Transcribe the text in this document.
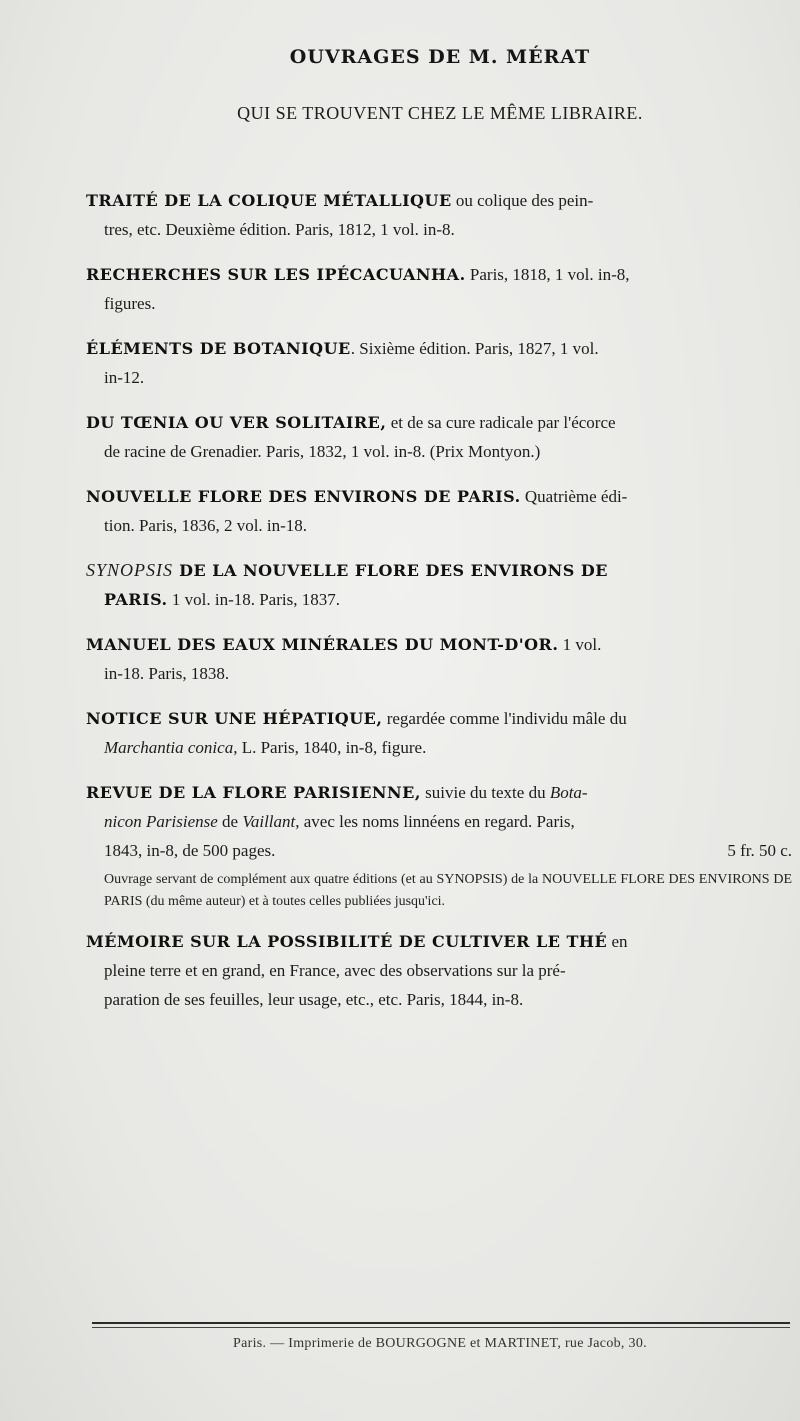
OUVRAGES DE M. MÉRAT
QUI SE TROUVENT CHEZ LE MÊME LIBRAIRE.

TRAITÉ DE LA COLIQUE MÉTALLIQUE ou colique des pein-
tres, etc. Deuxième édition. Paris, 1812, 1 vol. in-8.

RECHERCHES SUR LES IPÉCACUANHA. Paris, 1818, 1 vol. in-8,
figures.

ÉLÉMENTS DE BOTANIQUE. Sixième édition. Paris, 1827, 1 vol.
in-12.

DU TŒNIA OU VER SOLITAIRE, et de sa cure radicale par l'écorce
de racine de Grenadier. Paris, 1832, 1 vol. in-8. (Prix Montyon.)

NOUVELLE FLORE DES ENVIRONS DE PARIS. Quatrième édi-
tion. Paris, 1836, 2 vol. in-18.

SYNOPSIS DE LA NOUVELLE FLORE DES ENVIRONS DE
PARIS. 1 vol. in-18. Paris, 1837.

MANUEL DES EAUX MINÉRALES DU MONT-D'OR. 1 vol.
in-18. Paris, 1838.

NOTICE SUR UNE HÉPATIQUE, regardée comme l'individu mâle du
Marchantia conica, L. Paris, 1840, in-8, figure.

REVUE DE LA FLORE PARISIENNE, suivie du texte du Bota-
nicon Parisiense de Vaillant, avec les noms linnéens en regard. Paris,
1843, in-8, de 500 pages.	5 fr. 50 c.

Ouvrage servant de complément aux quatre éditions (et au SYNOPSIS) de la NOUVELLE FLORE DES ENVIRONS DE PARIS (du même auteur) et à toutes celles publiées jusqu'ici.

MÉMOIRE SUR LA POSSIBILITÉ DE CULTIVER LE THÉ en
pleine terre et en grand, en France, avec des observations sur la pré-
paration de ses feuilles, leur usage, etc., etc. Paris, 1844, in-8.

Paris. — Imprimerie de BOURGOGNE et MARTINET, rue Jacob, 30.
